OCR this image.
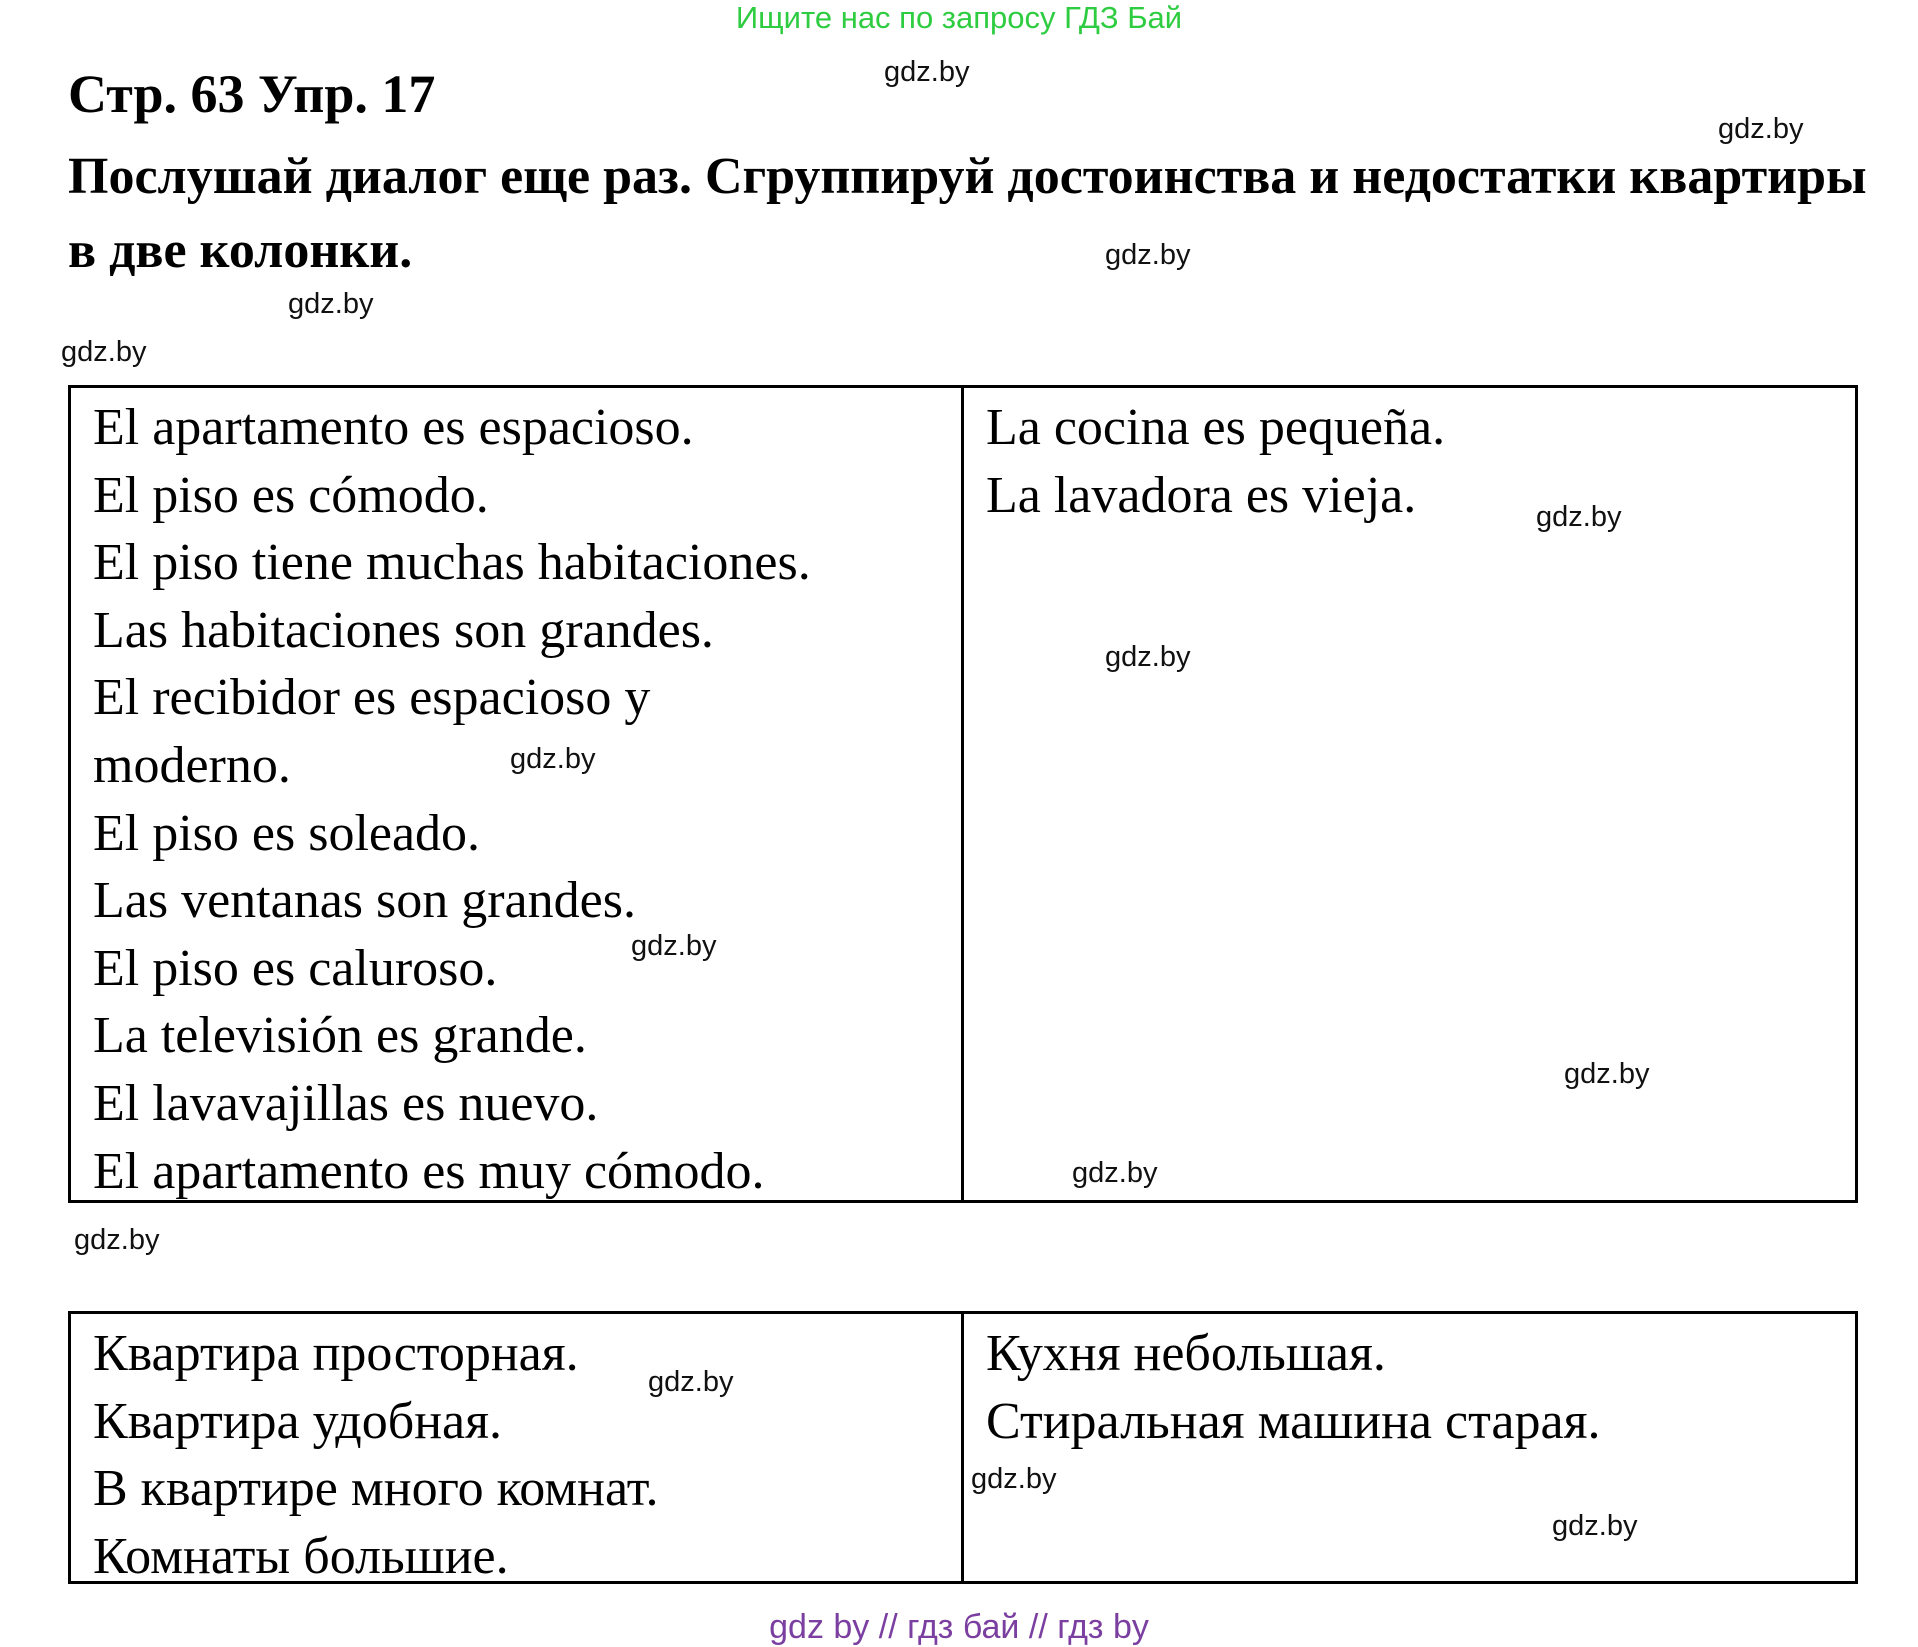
Ищите нас по запросу ГДЗ Бай
Стр. 63 Упр. 17
Послушай диалог еще раз. Сгруппируй достоинства и недостатки квартиры в две колонки.
El apartamento es espacioso.
El piso es cómodo.
El piso tiene muchas habitaciones.
Las habitaciones son grandes.
El recibidor es espacioso y
moderno.
El piso es soleado.
Las ventanas son grandes.
El piso es caluroso.
La televisión es grande.
El lavavajillas es nuevo.
El apartamento es muy cómodo.
La cocina es pequeña.
La lavadora es vieja.
Квартира просторная.
Квартира удобная.
В квартире много комнат.
Комнаты большие.
Кухня небольшая.
Стиральная машина старая.
gdz.by
gdz.by
gdz.by
gdz.by
gdz.by
gdz.by
gdz.by
gdz.by
gdz.by
gdz.by
gdz.by
gdz.by
gdz.by
gdz.by
gdz.by
gdz by // гдз бай // гдз by
